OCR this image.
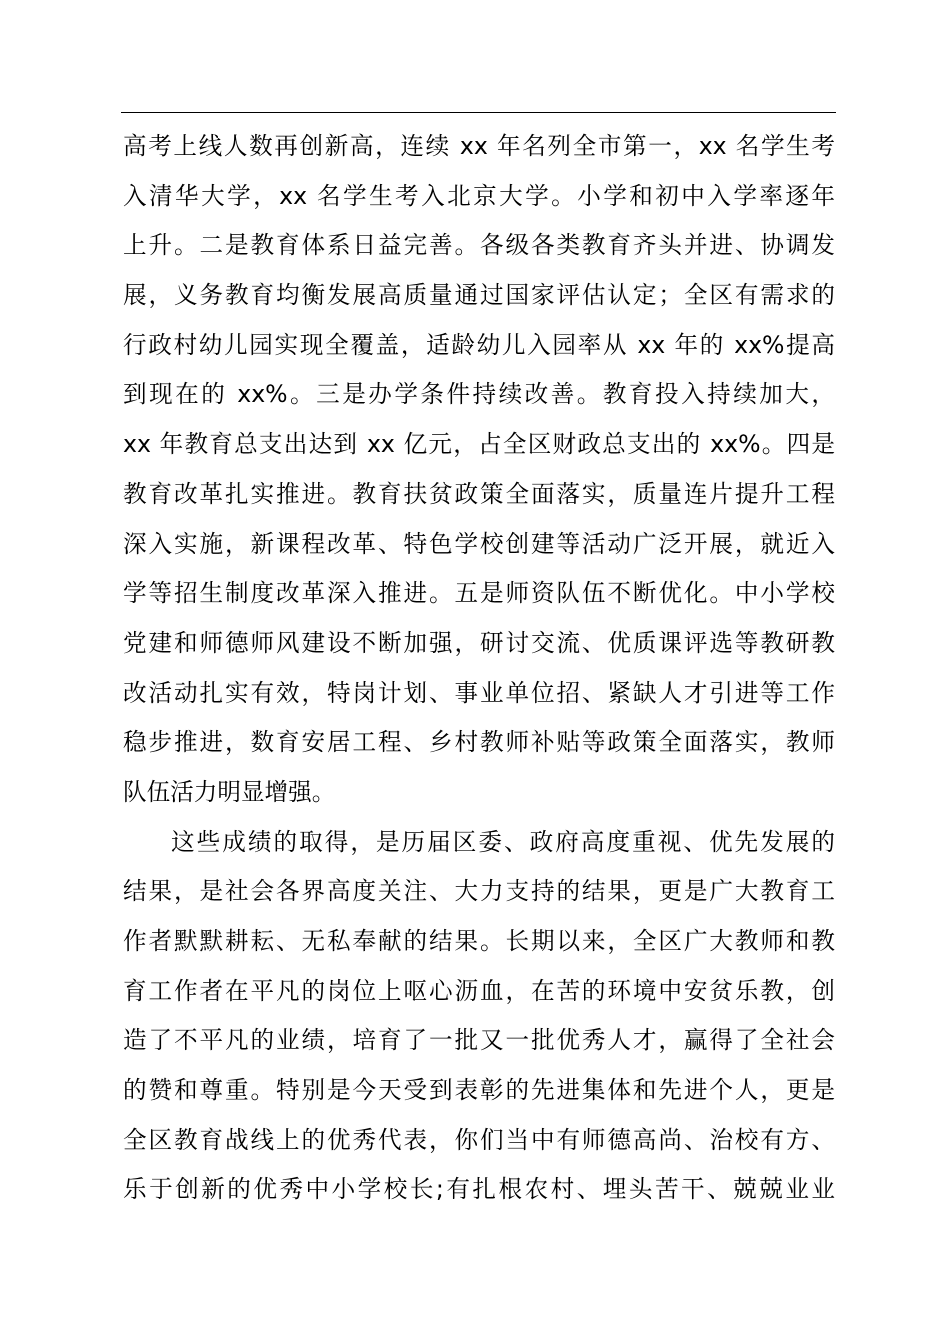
高考上线人数再创新高，连续 xx 年名列全市第一，xx 名学生考
入清华大学，xx 名学生考入北京大学。小学和初中入学率逐年
上升。二是教育体系日益完善。各级各类教育齐头并进、协调发
展，义务教育均衡发展高质量通过国家评估认定；全区有需求的
行政村幼儿园实现全覆盖，适龄幼儿入园率从 xx 年的 xx%提高
到现在的 xx%。三是办学条件持续改善。教育投入持续加大，
xx 年教育总支出达到 xx 亿元，占全区财政总支出的 xx%。四是
教育改革扎实推进。教育扶贫政策全面落实，质量连片提升工程
深入实施，新课程改革、特色学校创建等活动广泛开展，就近入
学等招生制度改革深入推进。五是师资队伍不断优化。中小学校
党建和师德师风建设不断加强，研讨交流、优质课评选等教研教
改活动扎实有效，特岗计划、事业单位招、紧缺人才引进等工作
稳步推进，数育安居工程、乡村教师补贴等政策全面落实，教师
队伍活力明显增强。
这些成绩的取得，是历届区委、政府高度重视、优先发展的
结果，是社会各界高度关注、大力支持的结果，更是广大教育工
作者默默耕耘、无私奉献的结果。长期以来，全区广大教师和教
育工作者在平凡的岗位上呕心沥血，在苦的环境中安贫乐教，创
造了不平凡的业绩，培育了一批又一批优秀人才，赢得了全社会
的赞和尊重。特别是今天受到表彰的先进集体和先进个人，更是
全区教育战线上的优秀代表，你们当中有师德高尚、治校有方、
乐于创新的优秀中小学校长;有扎根农村、埋头苦干、兢兢业业
